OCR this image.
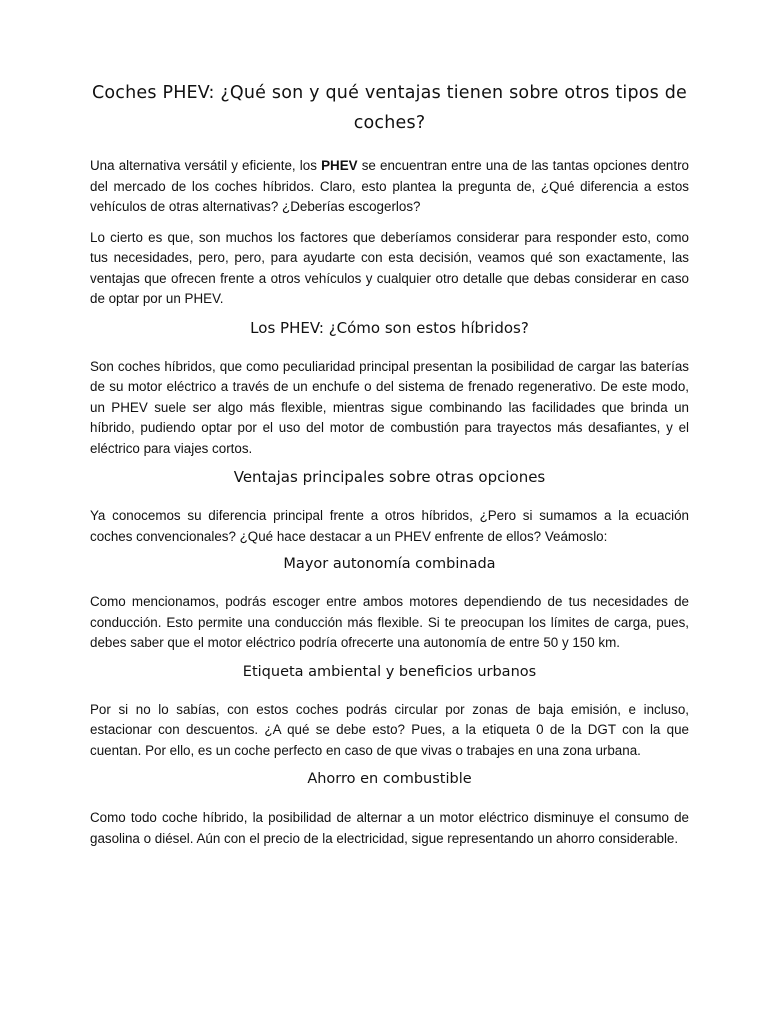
Coches PHEV: ¿Qué son y qué ventajas tienen sobre otros tipos de coches?

Una alternativa versátil y eficiente, los PHEV se encuentran entre una de las tantas opciones dentro del mercado de los coches híbridos. Claro, esto plantea la pregunta de, ¿Qué diferencia a estos vehículos de otras alternativas? ¿Deberías escogerlos?

Lo cierto es que, son muchos los factores que deberíamos considerar para responder esto, como tus necesidades, pero, pero, para ayudarte con esta decisión, veamos qué son exactamente, las ventajas que ofrecen frente a otros vehículos y cualquier otro detalle que debas considerar en caso de optar por un PHEV.

Los PHEV: ¿Cómo son estos híbridos?

Son coches híbridos, que como peculiaridad principal presentan la posibilidad de cargar las baterías de su motor eléctrico a través de un enchufe o del sistema de frenado regenerativo. De este modo, un PHEV suele ser algo más flexible, mientras sigue combinando las facilidades que brinda un híbrido, pudiendo optar por el uso del motor de combustión para trayectos más desafiantes, y el eléctrico para viajes cortos.

Ventajas principales sobre otras opciones

Ya conocemos su diferencia principal frente a otros híbridos, ¿Pero si sumamos a la ecuación coches convencionales? ¿Qué hace destacar a un PHEV enfrente de ellos? Veámoslo:

Mayor autonomía combinada

Como mencionamos, podrás escoger entre ambos motores dependiendo de tus necesidades de conducción. Esto permite una conducción más flexible. Si te preocupan los límites de carga, pues, debes saber que el motor eléctrico podría ofrecerte una autonomía de entre 50 y 150 km.

Etiqueta ambiental y beneficios urbanos

Por si no lo sabías, con estos coches podrás circular por zonas de baja emisión, e incluso, estacionar con descuentos. ¿A qué se debe esto? Pues, a la etiqueta 0 de la DGT con la que cuentan. Por ello, es un coche perfecto en caso de que vivas o trabajes en una zona urbana.

Ahorro en combustible

Como todo coche híbrido, la posibilidad de alternar a un motor eléctrico disminuye el consumo de gasolina o diésel. Aún con el precio de la electricidad, sigue representando un ahorro considerable.
